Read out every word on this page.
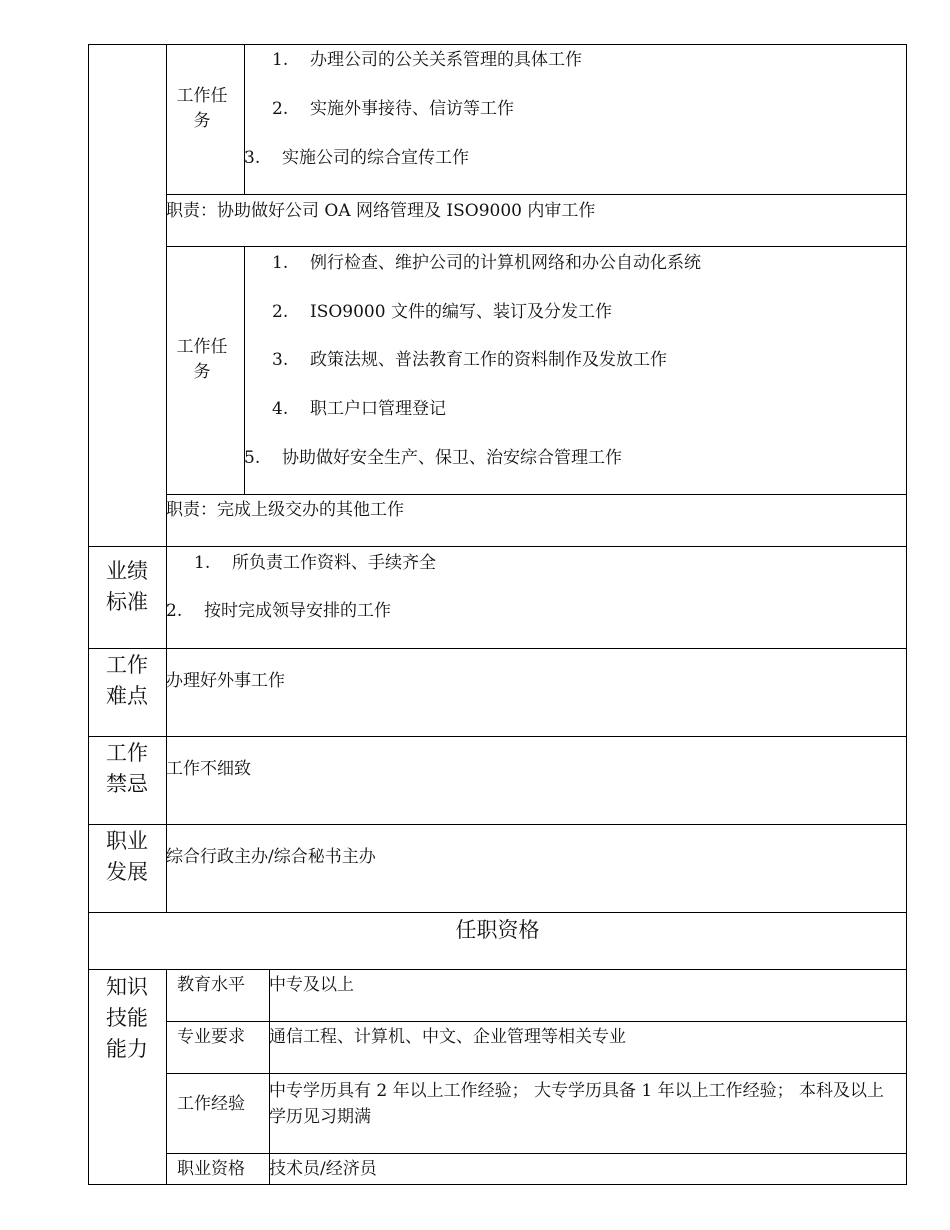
工作任务
1. 办理公司的公关关系管理的具体工作
2. 实施外事接待、信访等工作
3. 实施公司的综合宣传工作
职责：协助做好公司 OA 网络管理及 ISO9000 内审工作
工作任务
1. 例行检查、维护公司的计算机网络和办公自动化系统
2. ISO9000 文件的编写、装订及分发工作
3. 政策法规、普法教育工作的资料制作及发放工作
4. 职工户口管理登记
5. 协助做好安全生产、保卫、治安综合管理工作
职责：完成上级交办的其他工作
业绩标准
1. 所负责工作资料、手续齐全
2. 按时完成领导安排的工作
工作难点
办理好外事工作
工作禁忌
工作不细致
职业发展
综合行政主办/综合秘书主办
任职资格
知识技能能力
教育水平 中专及以上
专业要求 通信工程、计算机、中文、企业管理等相关专业
工作经验
中专学历具有 2 年以上工作经验； 大专学历具备 1 年以上工作经验； 本科及以上学历见习期满
职业资格 技术员/经济员
